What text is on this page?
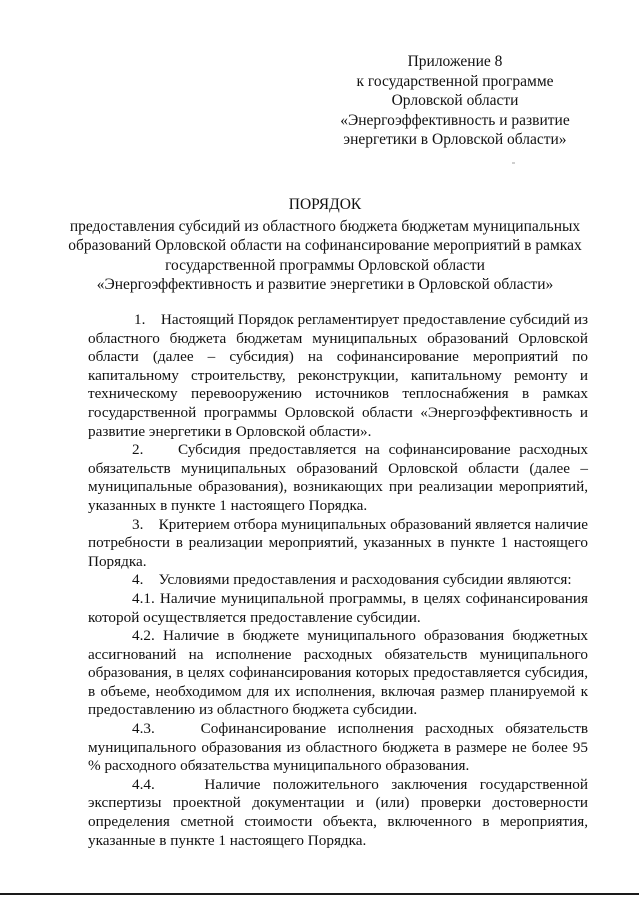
Приложение 8
к государственной программе
Орловской области
«Энергоэффективность и развитие
энергетики в Орловской области»
ПОРЯДОК
предоставления субсидий из областного бюджета бюджетам муниципальных
образований Орловской области на софинансирование мероприятий в рамках
государственной программы Орловской области
«Энергоэффективность и развитие энергетики в Орловской области»
1.    Настоящий Порядок регламентирует предоставление субсидий из областного бюджета бюджетам муниципальных образований Орловской области (далее – субсидия) на софинансирование мероприятий по капитальному строительству, реконструкции, капитальному ремонту и техническому перевооружению источников теплоснабжения в рамках государственной программы Орловской области «Энергоэффективность и развитие энергетики в Орловской области».
2.    Субсидия предоставляется на софинансирование расходных обязательств муниципальных образований Орловской области (далее – муниципальные образования), возникающих при реализации мероприятий, указанных в пункте 1 настоящего Порядка.
3.    Критерием отбора муниципальных образований является наличие потребности в реализации мероприятий, указанных в пункте 1 настоящего Порядка.
4.    Условиями предоставления и расходования субсидии являются:
4.1. Наличие муниципальной программы, в целях софинансирования которой осуществляется предоставление субсидии.
4.2. Наличие в бюджете муниципального образования бюджетных ассигнований на исполнение расходных обязательств муниципального образования, в целях софинансирования которых предоставляется субсидия, в объеме, необходимом для их исполнения, включая размер планируемой к предоставлению из областного бюджета субсидии.
4.3.    Софинансирование исполнения расходных обязательств муниципального образования из областного бюджета в размере не более 95 % расходного обязательства муниципального образования.
4.4.    Наличие положительного заключения государственной экспертизы проектной документации и (или) проверки достоверности определения сметной стоимости объекта, включенного в мероприятия, указанные в пункте 1 настоящего Порядка.
